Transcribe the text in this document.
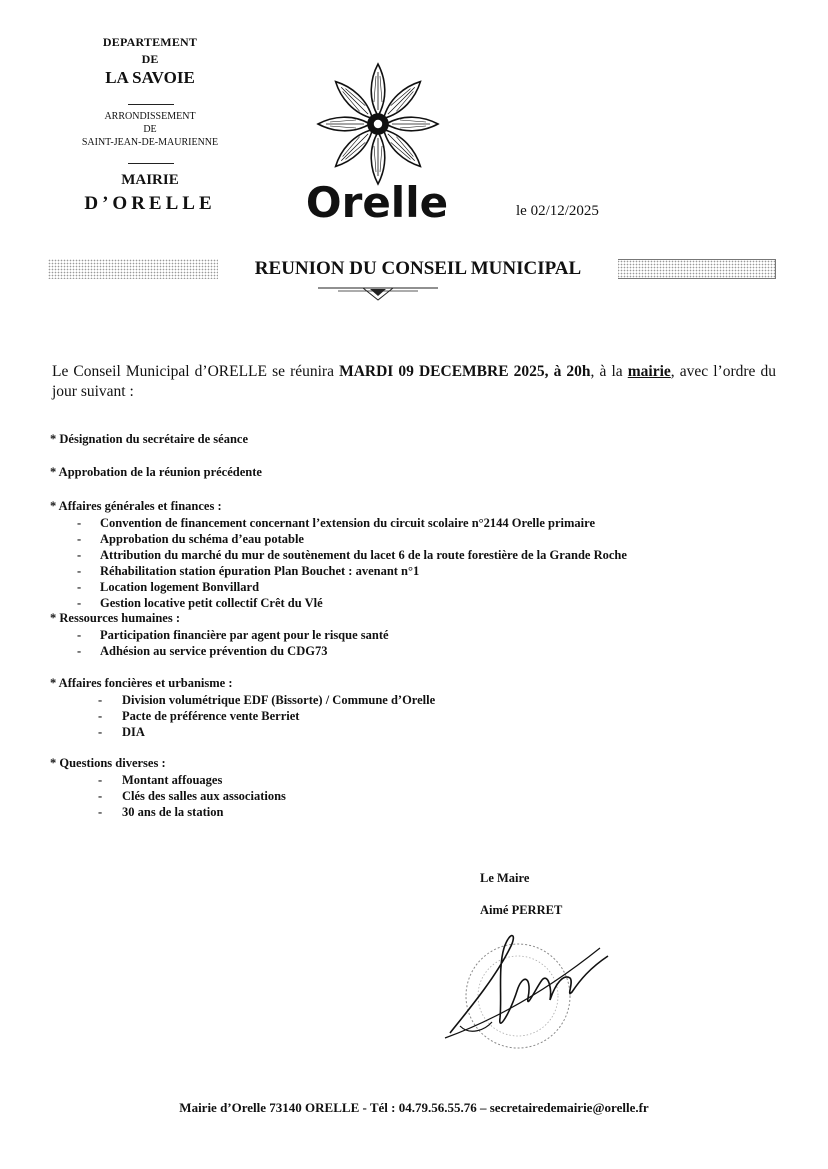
DEPARTEMENT
DE
LA SAVOIE
ARRONDISSEMENT
DE
SAINT-JEAN-DE-MAURIENNE
MAIRIE
D’ORELLE	Orelle	le 02/12/2025
REUNION DU CONSEIL MUNICIPAL
Le Conseil Municipal d’ORELLE se réunira MARDI 09 DECEMBRE 2025, à 20h, à la mairie, avec l’ordre du jour suivant :
* Désignation du secrétaire de séance
* Approbation de la réunion précédente
* Affaires générales et finances :
- Convention de financement concernant l’extension du circuit scolaire n°2144 Orelle primaire
- Approbation du schéma d’eau potable
- Attribution du marché du mur de soutènement du lacet 6 de la route forestière de la Grande Roche
- Réhabilitation station épuration Plan Bouchet : avenant n°1
- Location logement Bonvillard
- Gestion locative petit collectif Crêt du Vlé
* Ressources humaines :
- Participation financière par agent pour le risque santé
- Adhésion au service prévention du CDG73
* Affaires foncières et urbanisme :
- Division volumétrique EDF (Bissorte) / Commune d’Orelle
- Pacte de préférence vente Berriet
- DIA
* Questions diverses :
- Montant affouages
- Clés des salles aux associations
- 30 ans de la station
Le Maire
Aimé PERRET
Mairie d’Orelle 73140 ORELLE - Tél : 04.79.56.55.76 – secretairedemairie@orelle.fr
